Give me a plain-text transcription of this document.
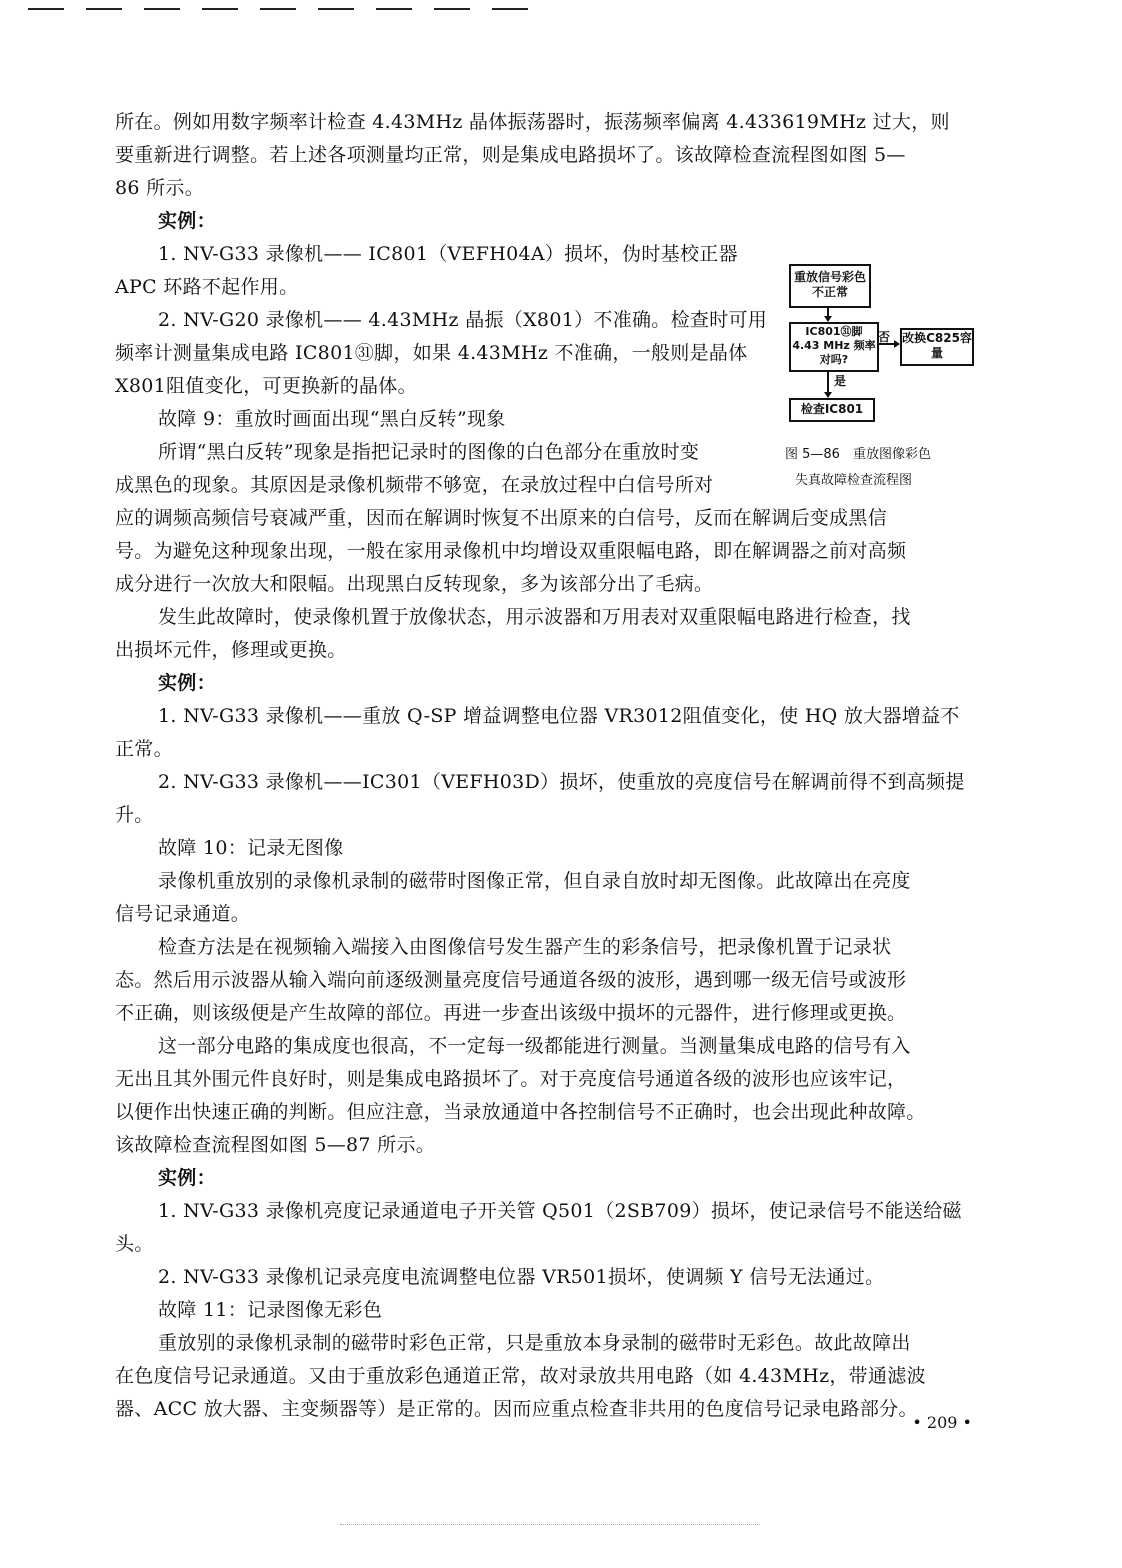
所在。例如用数字频率计检查 4.43MHz 晶体振荡器时，振荡频率偏离 4.433619MHz 过大，则
要重新进行调整。若上述各项测量均正常，则是集成电路损坏了。该故障检查流程图如图 5—
86 所示。
实例：
1. NV-G33 录像机—— IC801（VEFH04A）损坏，伪时基校正器
APC 环路不起作用。
2. NV-G20 录像机—— 4.43MHz 晶振（X801）不准确。检查时可用
频率计测量集成电路 IC801㉛脚，如果 4.43MHz 不准确，一般则是晶体
X801阻值变化，可更换新的晶体。
故障 9：重放时画面出现“黑白反转”现象
所谓“黑白反转”现象是指把记录时的图像的白色部分在重放时变
成黑色的现象。其原因是录像机频带不够宽，在录放过程中白信号所对
应的调频高频信号衰减严重，因而在解调时恢复不出原来的白信号，反而在解调后变成黑信
号。为避免这种现象出现，一般在家用录像机中均增设双重限幅电路，即在解调器之前对高频
成分进行一次放大和限幅。出现黑白反转现象，多为该部分出了毛病。
发生此故障时，使录像机置于放像状态，用示波器和万用表对双重限幅电路进行检查，找
出损坏元件，修理或更换。
实例：
1. NV-G33 录像机——重放 Q-SP 增益调整电位器 VR3012阻值变化，使 HQ 放大器增益不
正常。
2. NV-G33 录像机——IC301（VEFH03D）损坏，使重放的亮度信号在解调前得不到高频提
升。
故障 10：记录无图像
录像机重放别的录像机录制的磁带时图像正常，但自录自放时却无图像。此故障出在亮度
信号记录通道。
检查方法是在视频输入端接入由图像信号发生器产生的彩条信号，把录像机置于记录状
态。然后用示波器从输入端向前逐级测量亮度信号通道各级的波形，遇到哪一级无信号或波形
不正确，则该级便是产生故障的部位。再进一步查出该级中损坏的元器件，进行修理或更换。
这一部分电路的集成度也很高，不一定每一级都能进行测量。当测量集成电路的信号有入
无出且其外围元件良好时，则是集成电路损坏了。对于亮度信号通道各级的波形也应该牢记，
以便作出快速正确的判断。但应注意，当录放通道中各控制信号不正确时，也会出现此种故障。
该故障检查流程图如图 5—87 所示。
实例：
1. NV-G33 录像机亮度记录通道电子开关管 Q501（2SB709）损坏，使记录信号不能送给磁
头。
2. NV-G33 录像机记录亮度电流调整电位器 VR501损坏，使调频 Y 信号无法通过。
故障 11：记录图像无彩色
重放别的录像机录制的磁带时彩色正常，只是重放本身录制的磁带时无彩色。故此故障出
在色度信号记录通道。又由于重放彩色通道正常，故对录放共用电路（如 4.43MHz，带通滤波
器、ACC 放大器、主变频器等）是正常的。因而应重点检查非共用的色度信号记录电路部分。
重放信号彩色不正常
IC801㉛脚 4.43 MHz 频率对吗?
否 改换C825容量
是
检查IC801
图 5—86　重放图像彩色
失真故障检查流程图
• 209 •
